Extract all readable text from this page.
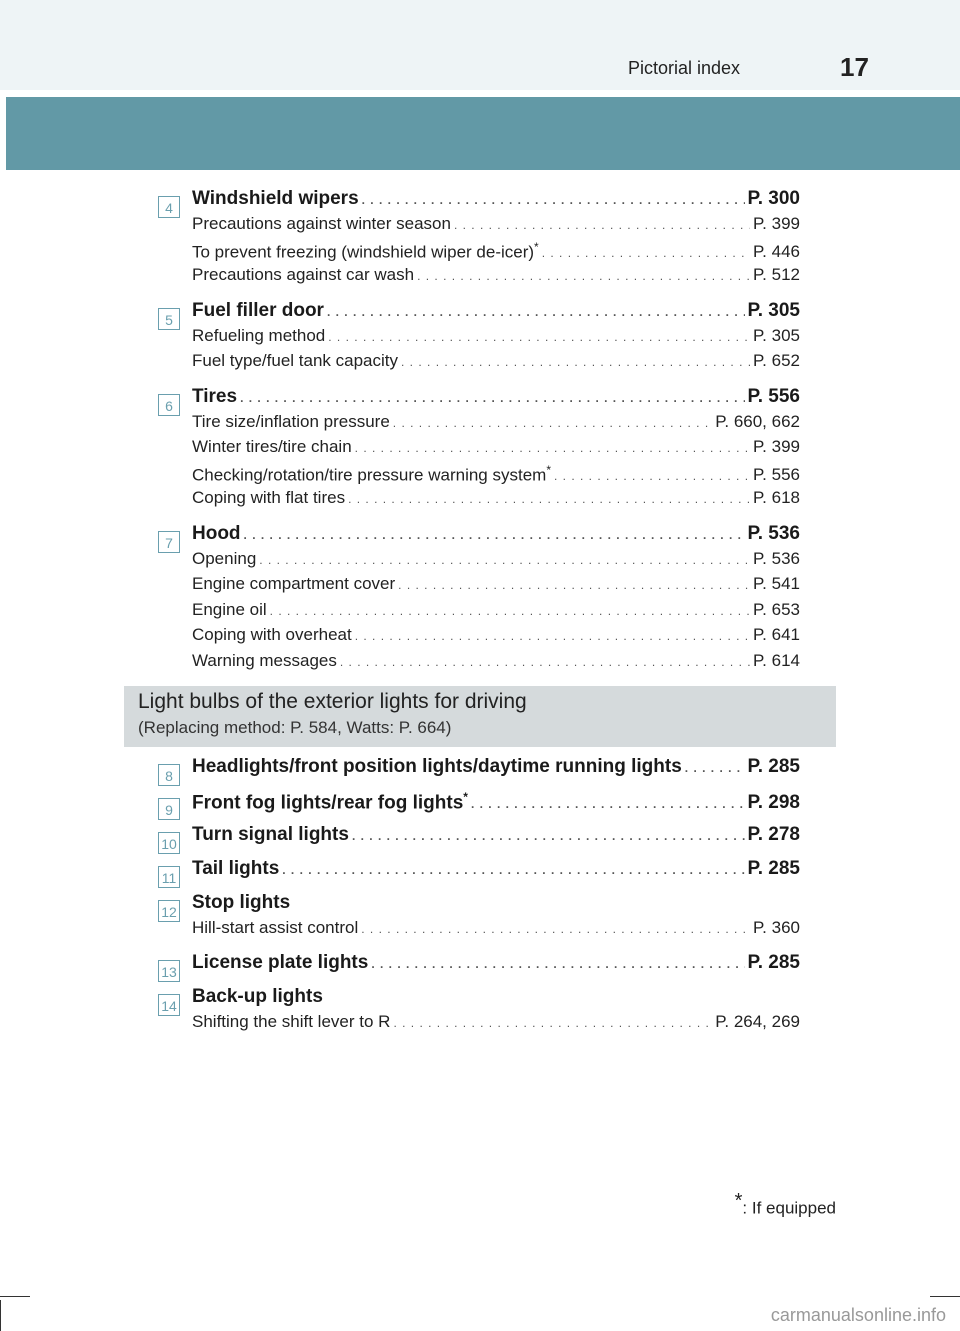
Pictorial index	17
4	Windshield wipers . . .	P. 300
Precautions against winter season . . .	P. 399
To prevent freezing (windshield wiper de-icer)* . . .	P. 446
Precautions against car wash . . .	P. 512
5	Fuel filler door . . .	P. 305
Refueling method . . .	P. 305
Fuel type/fuel tank capacity . . .	P. 652
6	Tires . . .	P. 556
Tire size/inflation pressure . . .	P. 660, 662
Winter tires/tire chain . . .	P. 399
Checking/rotation/tire pressure warning system* . . .	P. 556
Coping with flat tires . . .	P. 618
7	Hood . . .	P. 536
Opening . . .	P. 536
Engine compartment cover . . .	P. 541
Engine oil . . .	P. 653
Coping with overheat . . .	P. 641
Warning messages . . .	P. 614
Light bulbs of the exterior lights for driving
(Replacing method: P. 584, Watts: P. 664)
8	Headlights/front position lights/daytime running lights . . .	P. 285
9	Front fog lights/rear fog lights* . . .	P. 298
10 Turn signal lights . . .	P. 278
11 Tail lights . . .	P. 285
12 Stop lights
Hill-start assist control . . .	P. 360
13 License plate lights . . .	P. 285
14 Back-up lights
Shifting the shift lever to R . . .	P. 264, 269
*: If equipped
carmanualsonline.info
